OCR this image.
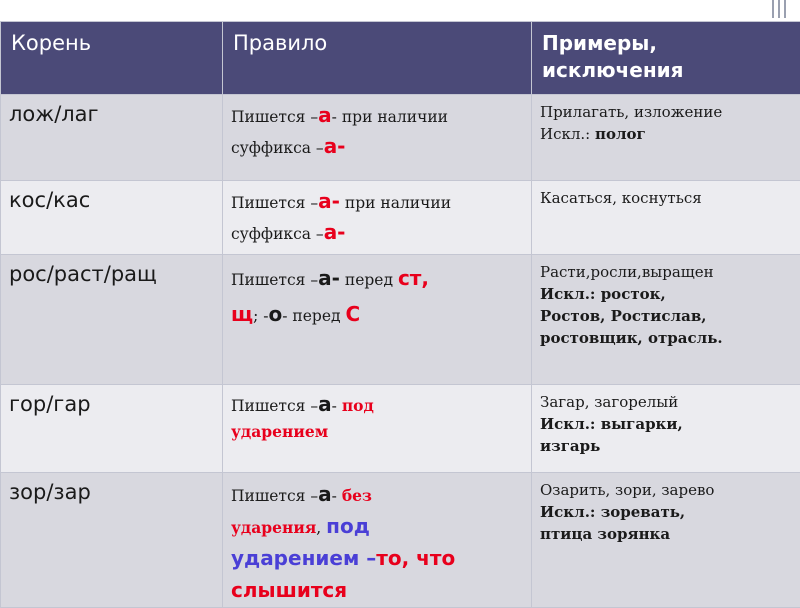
Корень	Правило	Примеры, исключения
лож/лаг	Пишется –а- при наличии суффикса –а-	Прилагать, изложение
Искл.: полог

кос/кас	Пишется –а- при наличии суффикса –а-	Касаться, коснуться

рос/раст/ращ	Пишется –а- перед ст,
щ; -о- перед С	Расти,росли,выращен
Искл.: росток,
Ростов, Ростислав,
ростовщик, отрасль.

гор/гар	Пишется –а- под
ударением	Загар, загорелый
Искл.: выгарки,
изгарь

зор/зар	Пишется –а- без
ударения, под
ударением –то, что
слышится	Озарить, зори, зарево
Искл.: зоревать,
птица зорянка
